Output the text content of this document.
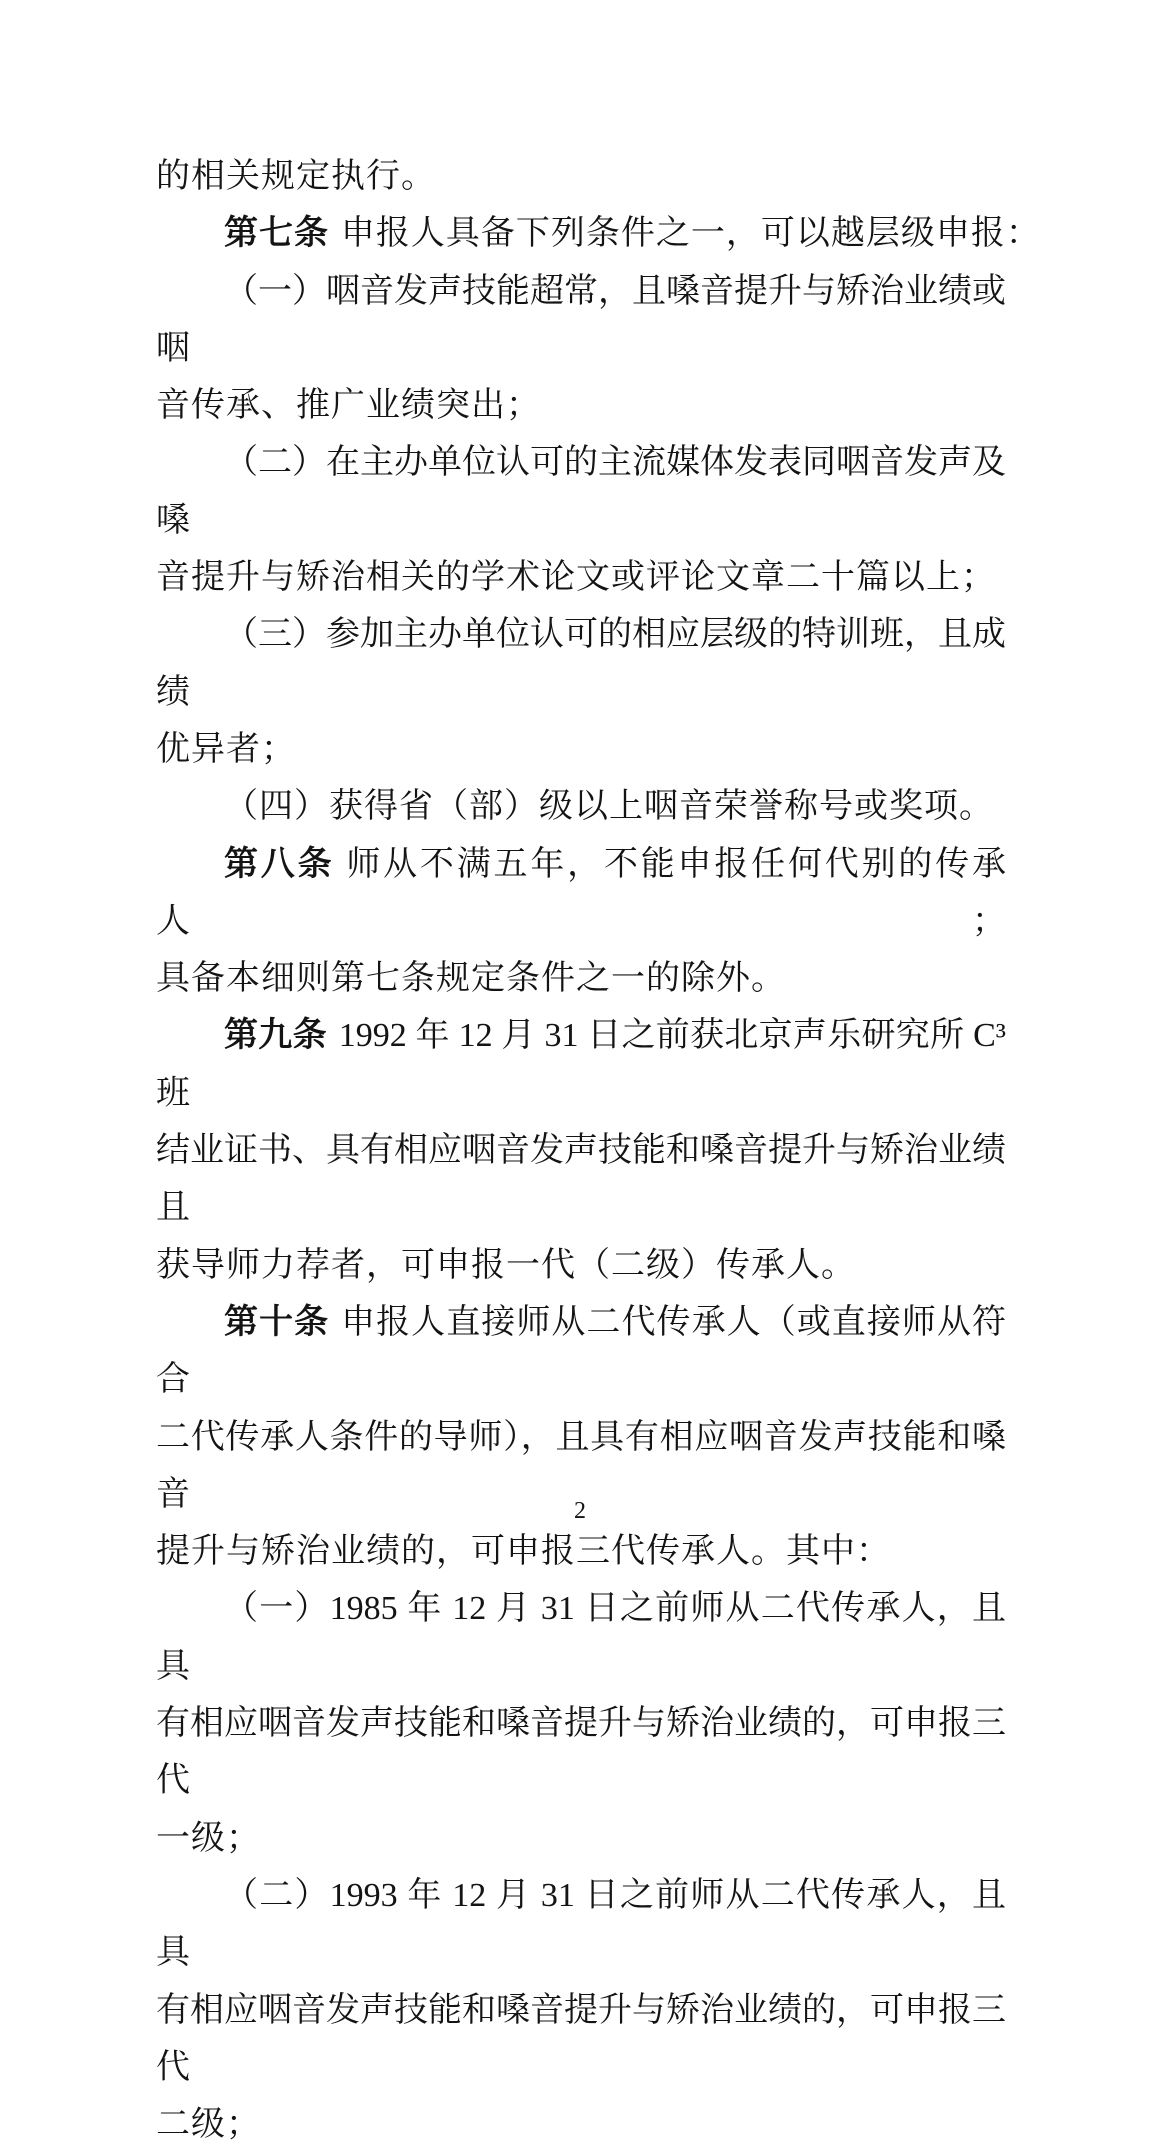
的相关规定执行。
第七条 申报人具备下列条件之一，可以越层级申报：
（一）咽音发声技能超常，且嗓音提升与矫治业绩或咽
音传承、推广业绩突出；
（二）在主办单位认可的主流媒体发表同咽音发声及嗓
音提升与矫治相关的学术论文或评论文章二十篇以上；
（三）参加主办单位认可的相应层级的特训班，且成绩
优异者；
（四）获得省（部）级以上咽音荣誉称号或奖项。
第八条 师从不满五年，不能申报任何代别的传承人；
具备本细则第七条规定条件之一的除外。
第九条 1992 年 12 月 31 日之前获北京声乐研究所 C³班
结业证书、具有相应咽音发声技能和嗓音提升与矫治业绩且
获导师力荐者，可申报一代（二级）传承人。
第十条 申报人直接师从二代传承人（或直接师从符合
二代传承人条件的导师），且具有相应咽音发声技能和嗓音
提升与矫治业绩的，可申报三代传承人。其中：
（一）1985 年 12 月 31 日之前师从二代传承人，且具
有相应咽音发声技能和嗓音提升与矫治业绩的，可申报三代
一级；
（二）1993 年 12 月 31 日之前师从二代传承人，且具
有相应咽音发声技能和嗓音提升与矫治业绩的，可申报三代
二级；
2
